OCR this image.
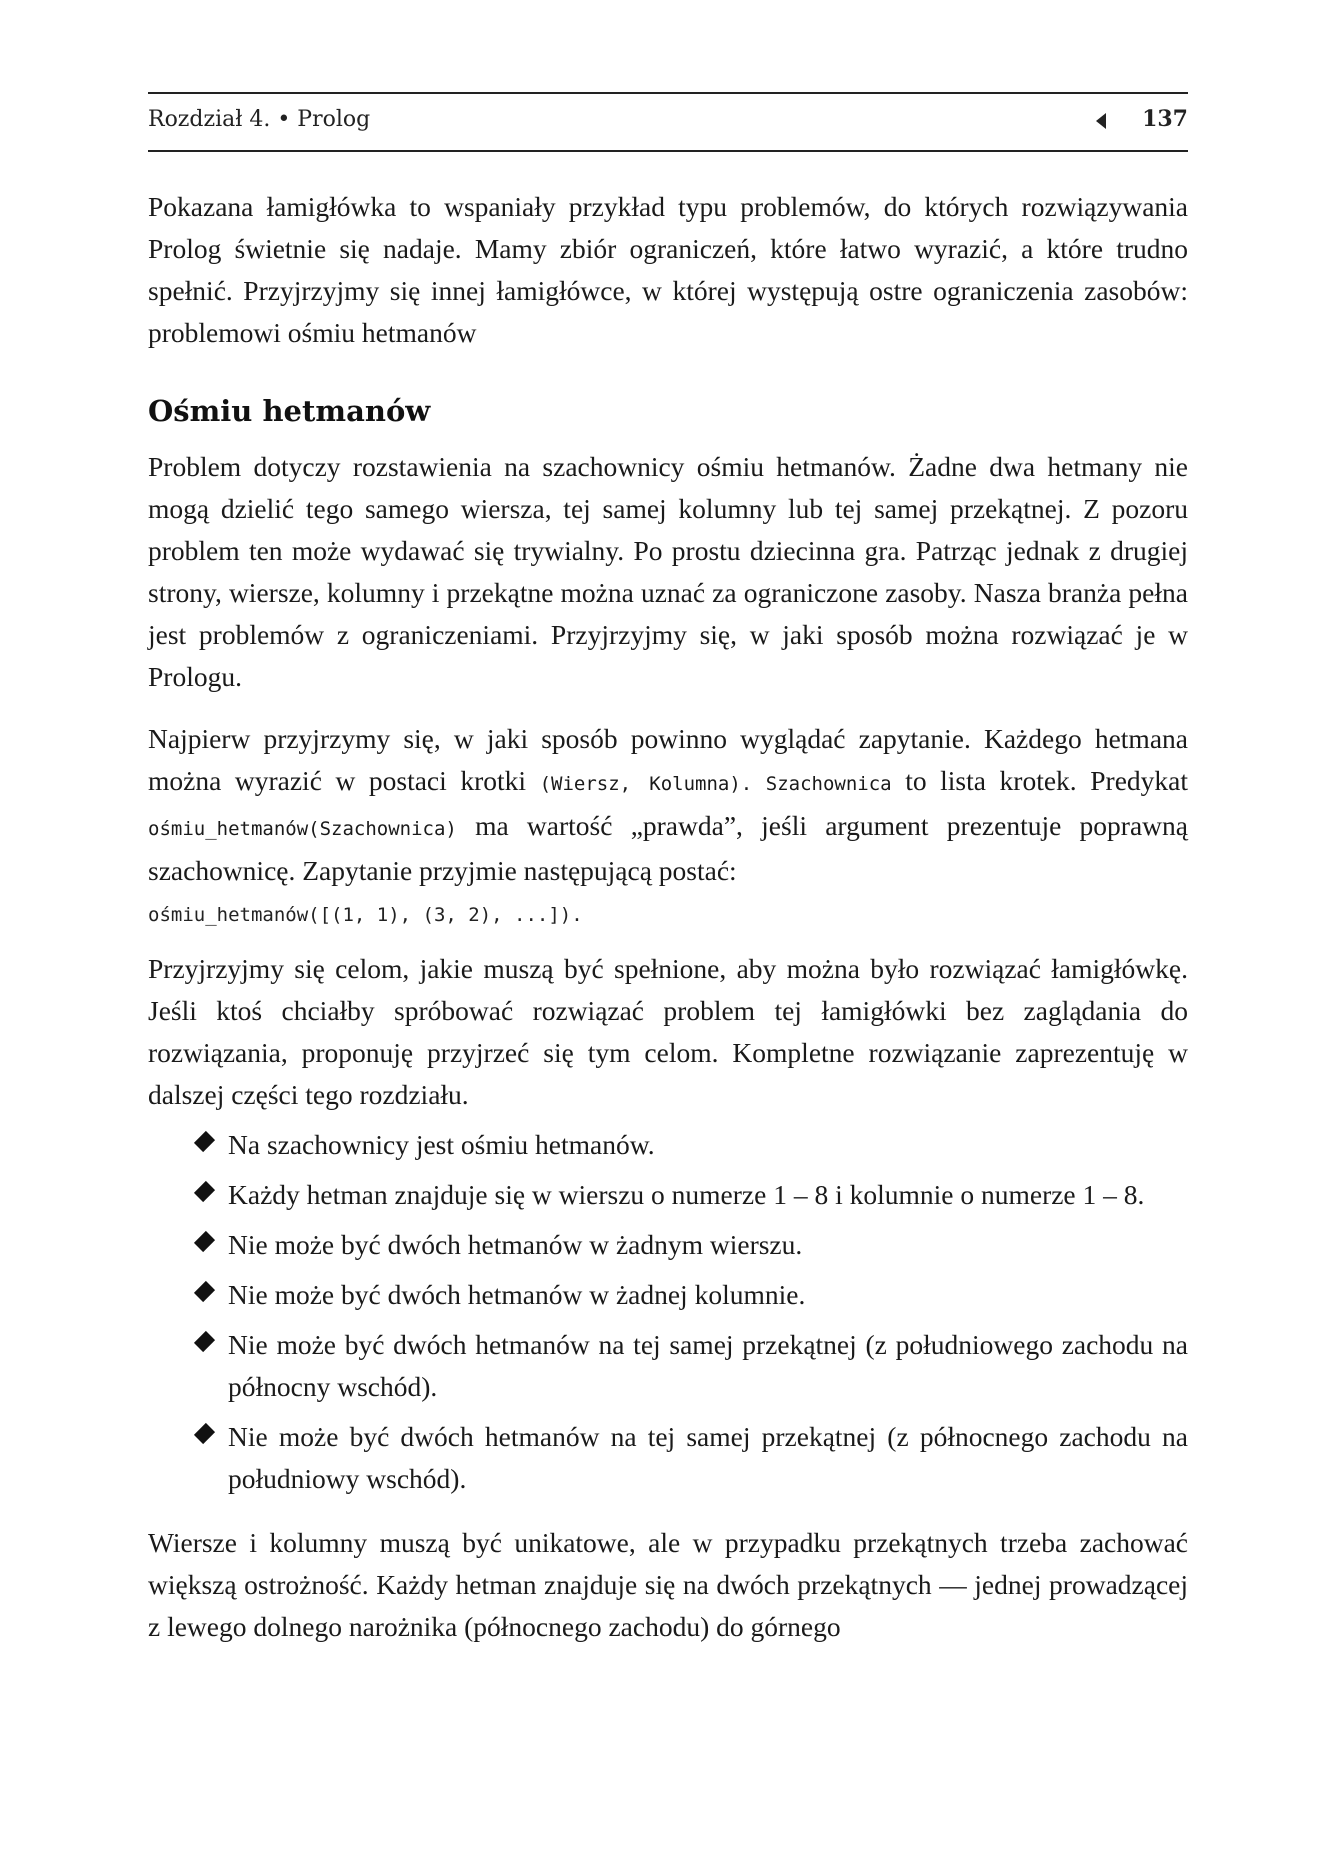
Rozdział 4. • Prolog	137

Pokazana łamigłówka to wspaniały przykład typu problemów, do których rozwiązywania Prolog świetnie się nadaje. Mamy zbiór ograniczeń, które łatwo wyrazić, a które trudno spełnić. Przyjrzyjmy się innej łamigłówce, w której występują ostre ograniczenia zasobów: problemowi ośmiu hetmanów

Ośmiu hetmanów

Problem dotyczy rozstawienia na szachownicy ośmiu hetmanów. Żadne dwa hetmany nie mogą dzielić tego samego wiersza, tej samej kolumny lub tej samej przekątnej. Z pozoru problem ten może wydawać się trywialny. Po prostu dziecinna gra. Patrząc jednak z drugiej strony, wiersze, kolumny i przekątne można uznać za ograniczone zasoby. Nasza branża pełna jest problemów z ograniczeniami. Przyjrzyjmy się, w jaki sposób można rozwiązać je w Prologu.

Najpierw przyjrzymy się, w jaki sposób powinno wyglądać zapytanie. Każdego hetmana można wyrazić w postaci krotki (Wiersz, Kolumna). Szachownica to lista krotek. Predykat ośmiu_hetmanów(Szachownica) ma wartość „prawda”, jeśli argument prezentuje poprawną szachownicę. Zapytanie przyjmie następującą postać:

ośmiu_hetmanów([(1, 1), (3, 2), ...]).

Przyjrzyjmy się celom, jakie muszą być spełnione, aby można było rozwiązać łamigłówkę. Jeśli ktoś chciałby spróbować rozwiązać problem tej łamigłówki bez zaglądania do rozwiązania, proponuję przyjrzeć się tym celom. Kompletne rozwiązanie zaprezentuję w dalszej części tego rozdziału.

Na szachownicy jest ośmiu hetmanów.
Każdy hetman znajduje się w wierszu o numerze 1 – 8 i kolumnie o numerze 1 – 8.
Nie może być dwóch hetmanów w żadnym wierszu.
Nie może być dwóch hetmanów w żadnej kolumnie.
Nie może być dwóch hetmanów na tej samej przekątnej (z południowego zachodu na północny wschód).
Nie może być dwóch hetmanów na tej samej przekątnej (z północnego zachodu na południowy wschód).

Wiersze i kolumny muszą być unikatowe, ale w przypadku przekątnych trzeba zachować większą ostrożność. Każdy hetman znajduje się na dwóch przekątnych — jednej prowadzącej z lewego dolnego narożnika (północnego zachodu) do górnego
